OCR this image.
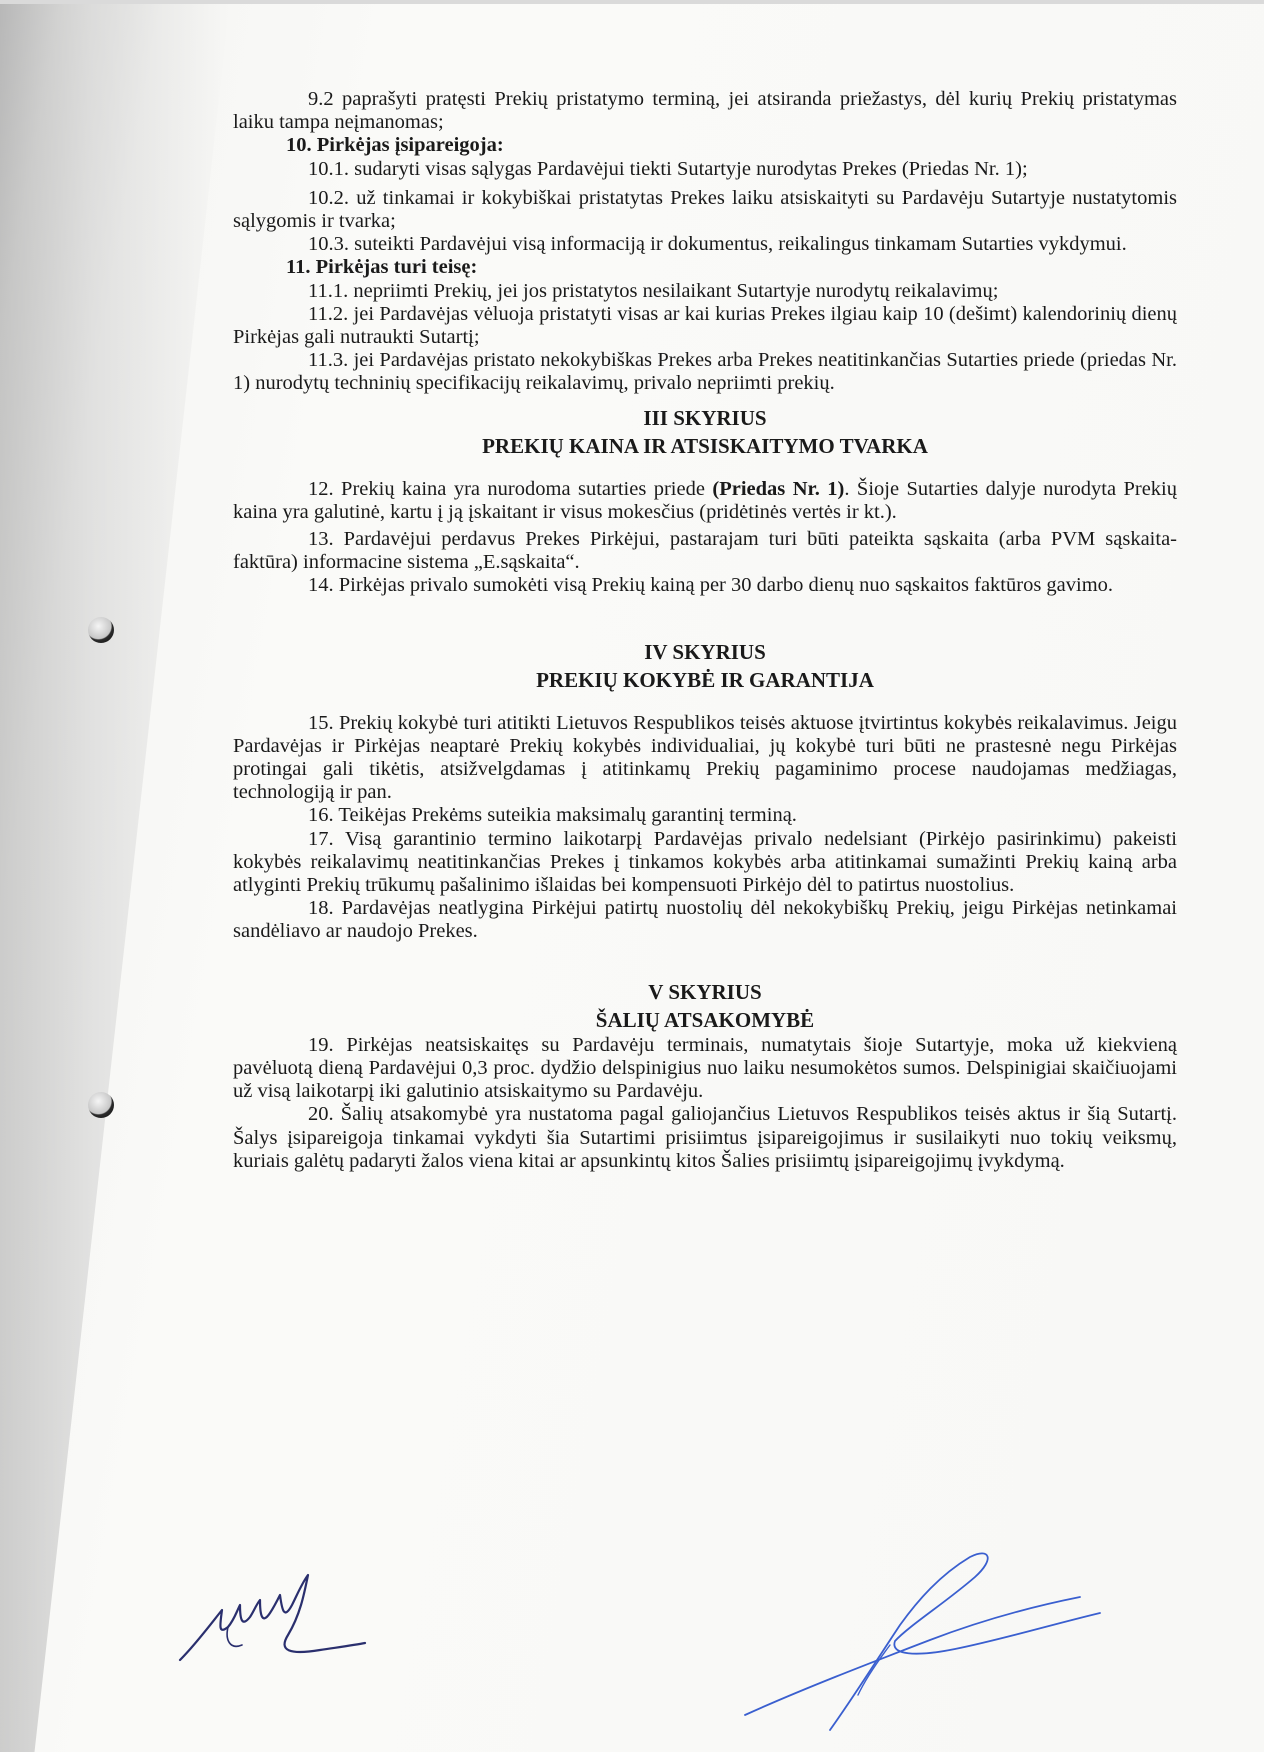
9.2 paprašyti pratęsti Prekių pristatymo terminą, jei atsiranda priežastys, dėl kurių Prekių pristatymas laiku tampa neįmanomas;

10. Pirkėjas įsipareigoja:

10.1. sudaryti visas sąlygas Pardavėjui tiekti Sutartyje nurodytas Prekes (Priedas Nr. 1);

10.2. už tinkamai ir kokybiškai pristatytas Prekes laiku atsiskaityti su Pardavėju Sutartyje nustatytomis sąlygomis ir tvarka;

10.3. suteikti Pardavėjui visą informaciją ir dokumentus, reikalingus tinkamam Sutarties vykdymui.

11. Pirkėjas turi teisę:

11.1. nepriimti Prekių, jei jos pristatytos nesilaikant Sutartyje nurodytų reikalavimų;

11.2. jei Pardavėjas vėluoja pristatyti visas ar kai kurias Prekes ilgiau kaip 10 (dešimt) kalendorinių dienų Pirkėjas gali nutraukti Sutartį;

11.3. jei Pardavėjas pristato nekokybiškas Prekes arba Prekes neatitinkančias Sutarties priede (priedas Nr. 1) nurodytų techninių specifikacijų reikalavimų, privalo nepriimti prekių.

III SKYRIUS

PREKIŲ KAINA IR ATSISKAITYMO TVARKA

12. Prekių kaina yra nurodoma sutarties priede (Priedas Nr. 1). Šioje Sutarties dalyje nurodyta Prekių kaina yra galutinė, kartu į ją įskaitant ir visus mokesčius (pridėtinės vertės ir kt.).

13. Pardavėjui perdavus Prekes Pirkėjui, pastarajam turi būti pateikta sąskaita (arba PVM sąskaita-faktūra) informacine sistema „E.sąskaita“.

14. Pirkėjas privalo sumokėti visą Prekių kainą per 30 darbo dienų nuo sąskaitos faktūros gavimo.

IV SKYRIUS

PREKIŲ KOKYBĖ IR GARANTIJA

15. Prekių kokybė turi atitikti Lietuvos Respublikos teisės aktuose įtvirtintus kokybės reikalavimus. Jeigu Pardavėjas ir Pirkėjas neaptarė Prekių kokybės individualiai, jų kokybė turi būti ne prastesnė negu Pirkėjas protingai gali tikėtis, atsižvelgdamas į atitinkamų Prekių pagaminimo procese naudojamas medžiagas, technologiją ir pan.

16. Teikėjas Prekėms suteikia maksimalų garantinį terminą.

17. Visą garantinio termino laikotarpį Pardavėjas privalo nedelsiant (Pirkėjo pasirinkimu) pakeisti kokybės reikalavimų neatitinkančias Prekes į tinkamos kokybės arba atitinkamai sumažinti Prekių kainą arba atlyginti Prekių trūkumų pašalinimo išlaidas bei kompensuoti Pirkėjo dėl to patirtus nuostolius.

18. Pardavėjas neatlygina Pirkėjui patirtų nuostolių dėl nekokybiškų Prekių, jeigu Pirkėjas netinkamai sandėliavo ar naudojo Prekes.

V SKYRIUS

ŠALIŲ ATSAKOMYBĖ

19. Pirkėjas neatsiskaitęs su Pardavėju terminais, numatytais šioje Sutartyje, moka už kiekvieną pavėluotą dieną Pardavėjui 0,3 proc. dydžio delspinigius nuo laiku nesumokėtos sumos. Delspinigiai skaičiuojami už visą laikotarpį iki galutinio atsiskaitymo su Pardavėju.

20. Šalių atsakomybė yra nustatoma pagal galiojančius Lietuvos Respublikos teisės aktus ir šią Sutartį. Šalys įsipareigoja tinkamai vykdyti šia Sutartimi prisiimtus įsipareigojimus ir susilaikyti nuo tokių veiksmų, kuriais galėtų padaryti žalos viena kitai ar apsunkintų kitos Šalies prisiimtų įsipareigojimų įvykdymą.
